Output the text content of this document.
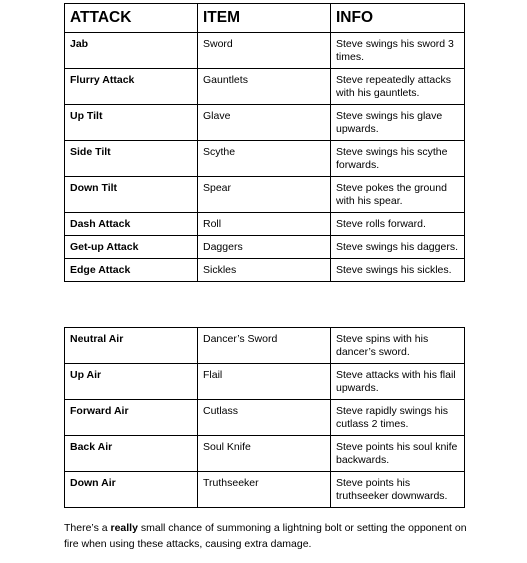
ATTACK	ITEM	INFO
Jab	Sword	Steve swings his sword 3 times.
Flurry Attack	Gauntlets	Steve repeatedly attacks with his gauntlets.
Up Tilt	Glave	Steve swings his glave upwards.
Side Tilt	Scythe	Steve swings his scythe forwards.
Down Tilt	Spear	Steve pokes the ground with his spear.
Dash Attack	Roll	Steve rolls forward.
Get-up Attack	Daggers	Steve swings his daggers.
Edge Attack	Sickles	Steve swings his sickles.
Neutral Air	Dancer’s Sword	Steve spins with his dancer’s sword.
Up Air	Flail	Steve attacks with his flail upwards.
Forward Air	Cutlass	Steve rapidly swings his cutlass 2 times.
Back Air	Soul Knife	Steve points his soul knife backwards.
Down Air	Truthseeker	Steve points his truthseeker downwards.

There’s a really small chance of summoning a lightning bolt or setting the opponent on fire when using these attacks, causing extra damage.
